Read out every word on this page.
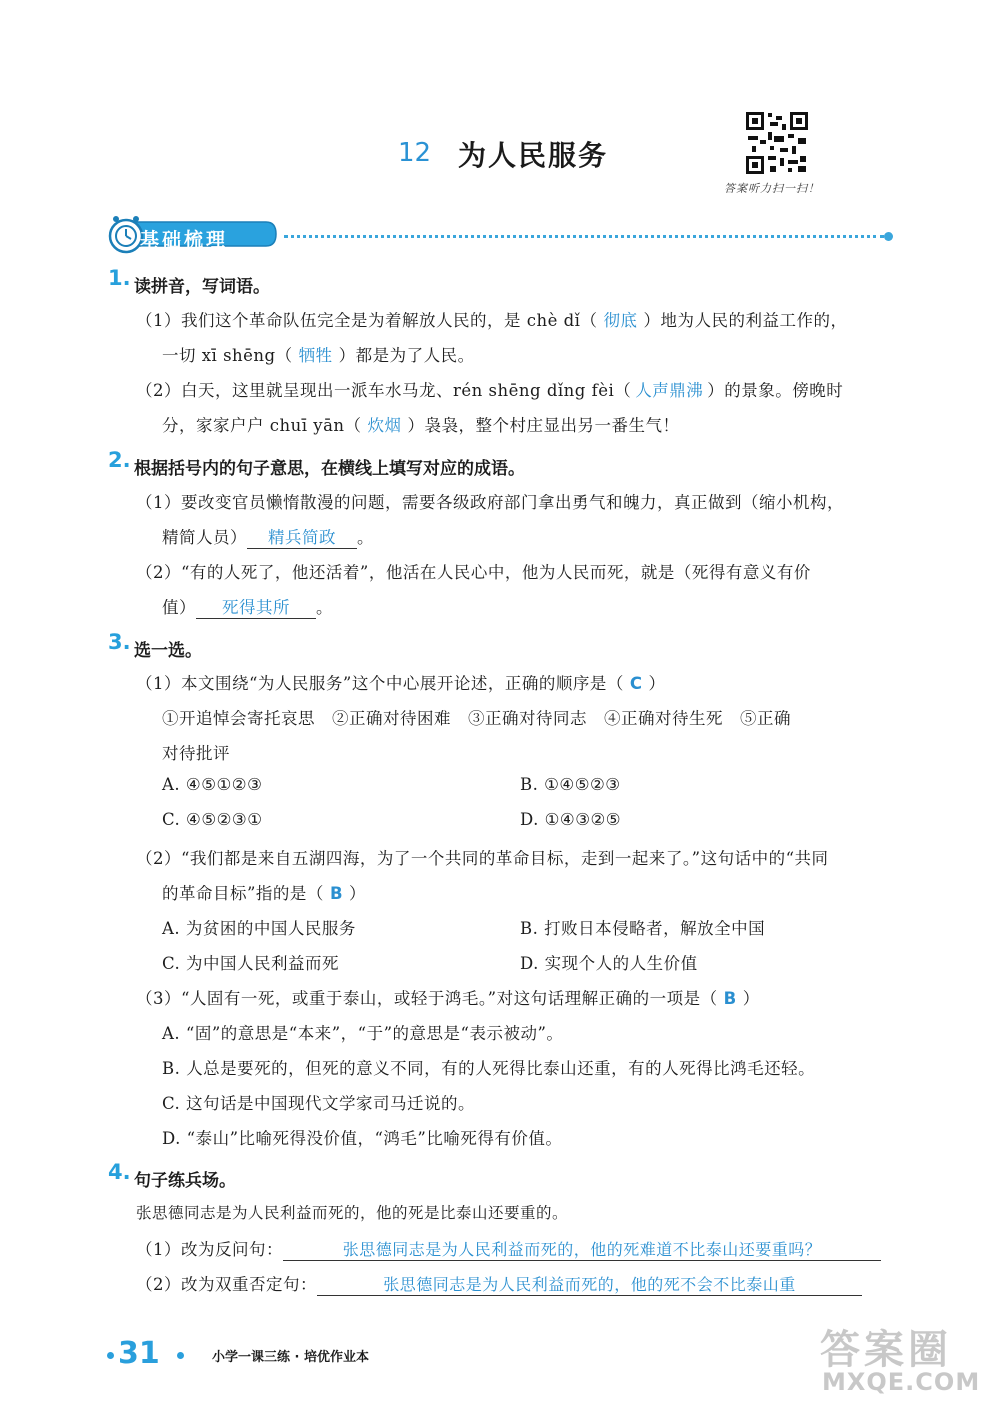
12 为人民服务
答案听力扫一扫！
基础梳理
1. 读拼音，写词语。
（1）我们这个革命队伍完全是为着解放人民的，是 chè dǐ（ 彻底 ）地为人民的利益工作的，
一切 xī shēng（ 牺牲 ）都是为了人民。
（2）白天，这里就呈现出一派车水马龙、rén shēng dǐng fèi（ 人声鼎沸 ）的景象。傍晚时
分，家家户户 chuī yān（ 炊烟 ）袅袅，整个村庄显出另一番生气！
2. 根据括号内的句子意思，在横线上填写对应的成语。
（1）要改变官员懒惰散漫的问题，需要各级政府部门拿出勇气和魄力，真正做到（缩小机构，
精简人员） 精兵简政 。
（2）“有的人死了，他还活着”，他活在人民心中，他为人民而死，就是（死得有意义有价
值） 死得其所 。
3. 选一选。
（1）本文围绕“为人民服务”这个中心展开论述，正确的顺序是（ C ）
①开追悼会寄托哀思　②正确对待困难　③正确对待同志　④正确对待生死　⑤正确
对待批评
A. ④⑤①②③	B. ①④⑤②③
C. ④⑤②③①	D. ①④③②⑤
（2）“我们都是来自五湖四海，为了一个共同的革命目标，走到一起来了。”这句话中的“共同
的革命目标”指的是（ B ）
A. 为贫困的中国人民服务	B. 打败日本侵略者，解放全中国
C. 为中国人民利益而死	D. 实现个人的人生价值
（3）“人固有一死，或重于泰山，或轻于鸿毛。”对这句话理解正确的一项是（ B ）
A. “固”的意思是“本来”，“于”的意思是“表示被动”。
B. 人总是要死的，但死的意义不同，有的人死得比泰山还重，有的人死得比鸿毛还轻。
C. 这句话是中国现代文学家司马迁说的。
D. “泰山”比喻死得没价值，“鸿毛”比喻死得有价值。
4. 句子练兵场。
张思德同志是为人民利益而死的，他的死是比泰山还要重的。
（1）改为反问句：	张思德同志是为人民利益而死的，他的死难道不比泰山还要重吗？
（2）改为双重否定句：	张思德同志是为人民利益而死的，他的死不会不比泰山重
31	小学一课三练 · 培优作业本	答案圈
MXQE.COM
